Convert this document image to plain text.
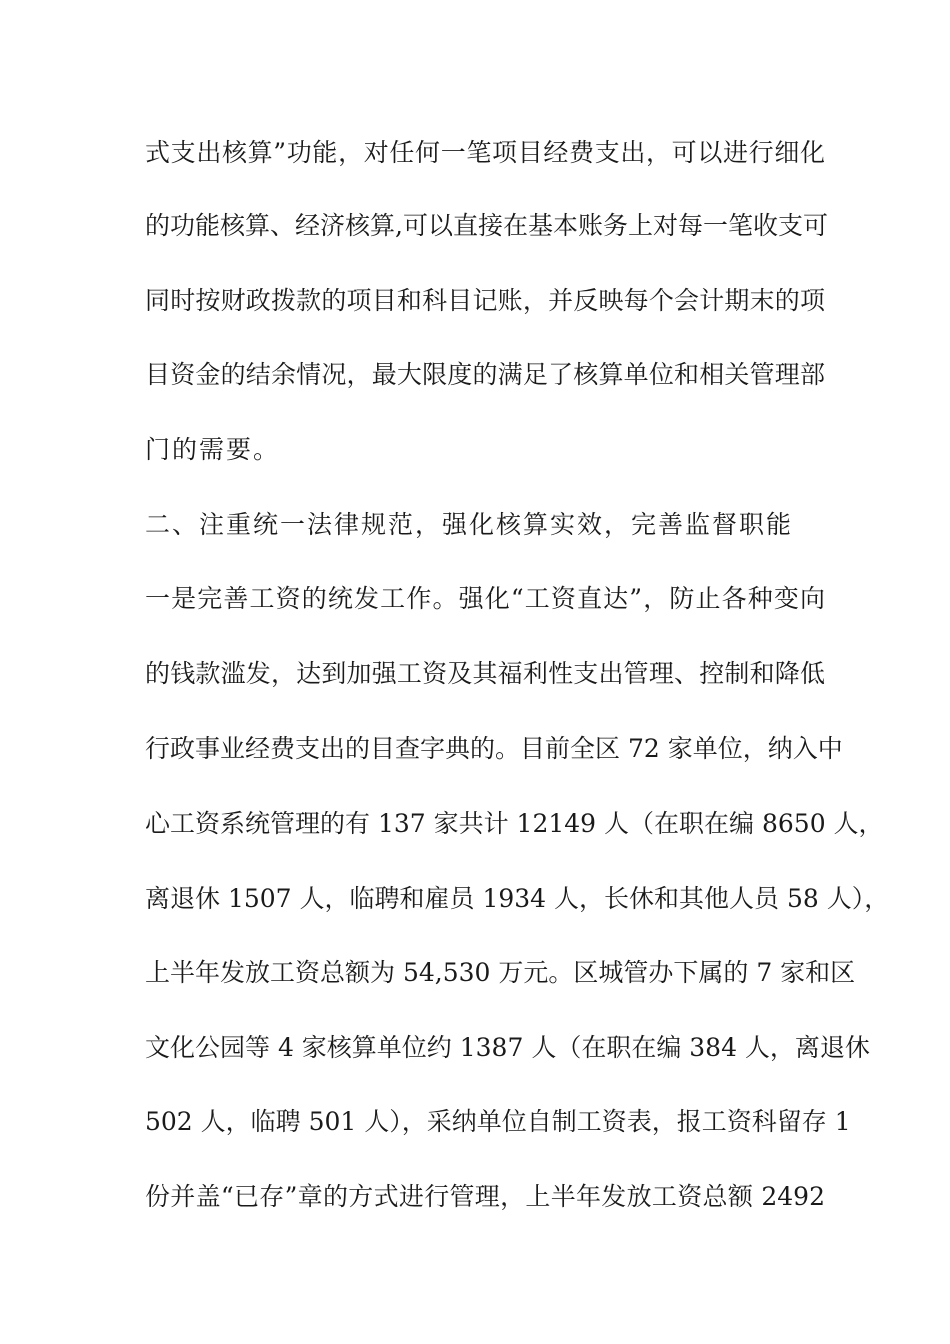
式支出核算”功能，对任何一笔项目经费支出，可以进行细化
的功能核算、经济核算,可以直接在基本账务上对每一笔收支可
同时按财政拨款的项目和科目记账，并反映每个会计期末的项
目资金的结余情况，最大限度的满足了核算单位和相关管理部
门的需要。
二、注重统一法律规范，强化核算实效，完善监督职能
一是完善工资的统发工作。强化“工资直达”，防止各种变向
的钱款滥发，达到加强工资及其福利性支出管理、控制和降低
行政事业经费支出的目查字典的。目前全区 72 家单位，纳入中
心工资系统管理的有 137 家共计 12149 人（在职在编 8650 人，
离退休 1507 人，临聘和雇员 1934 人，长休和其他人员 58 人），
上半年发放工资总额为 54,530 万元。区城管办下属的 7 家和区
文化公园等 4 家核算单位约 1387 人（在职在编 384 人，离退休
502 人，临聘 501 人），采纳单位自制工资表，报工资科留存 1
份并盖“已存”章的方式进行管理，上半年发放工资总额 2492
